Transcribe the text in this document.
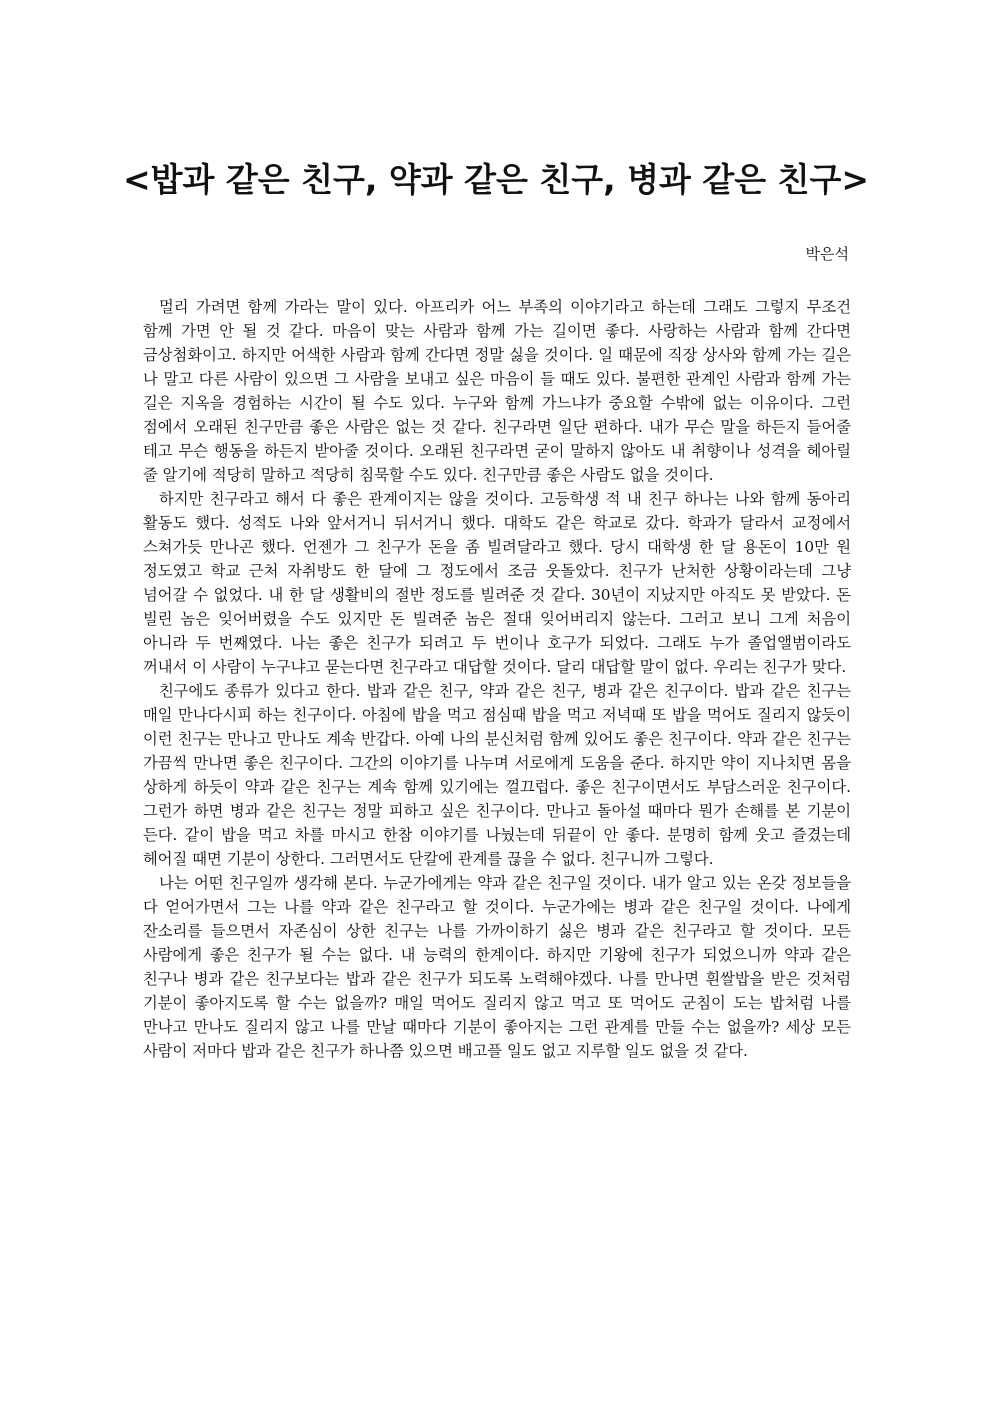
<밥과 같은 친구, 약과 같은 친구, 병과 같은 친구>

박은석

멀리 가려면 함께 가라는 말이 있다. 아프리카 어느 부족의 이야기라고 하는데 그래도 그렇지 무조건 함께 가면 안 될 것 같다. 마음이 맞는 사람과 함께 가는 길이면 좋다. 사랑하는 사람과 함께 간다면 금상첨화이고. 하지만 어색한 사람과 함께 간다면 정말 싫을 것이다. 일 때문에 직장 상사와 함께 가는 길은 나 말고 다른 사람이 있으면 그 사람을 보내고 싶은 마음이 들 때도 있다. 불편한 관계인 사람과 함께 가는 길은 지옥을 경험하는 시간이 될 수도 있다. 누구와 함께 가느냐가 중요할 수밖에 없는 이유이다. 그런 점에서 오래된 친구만큼 좋은 사람은 없는 것 같다. 친구라면 일단 편하다. 내가 무슨 말을 하든지 들어줄 테고 무슨 행동을 하든지 받아줄 것이다. 오래된 친구라면 굳이 말하지 않아도 내 취향이나 성격을 헤아릴 줄 알기에 적당히 말하고 적당히 침묵할 수도 있다. 친구만큼 좋은 사람도 없을 것이다.

하지만 친구라고 해서 다 좋은 관계이지는 않을 것이다. 고등학생 적 내 친구 하나는 나와 함께 동아리 활동도 했다. 성적도 나와 앞서거니 뒤서거니 했다. 대학도 같은 학교로 갔다. 학과가 달라서 교정에서 스쳐가듯 만나곤 했다. 언젠가 그 친구가 돈을 좀 빌려달라고 했다. 당시 대학생 한 달 용돈이 10만 원 정도였고 학교 근처 자취방도 한 달에 그 정도에서 조금 웃돌았다. 친구가 난처한 상황이라는데 그냥 넘어갈 수 없었다. 내 한 달 생활비의 절반 정도를 빌려준 것 같다. 30년이 지났지만 아직도 못 받았다. 돈 빌린 놈은 잊어버렸을 수도 있지만 돈 빌려준 놈은 절대 잊어버리지 않는다. 그러고 보니 그게 처음이 아니라 두 번째였다. 나는 좋은 친구가 되려고 두 번이나 호구가 되었다. 그래도 누가 졸업앨범이라도 꺼내서 이 사람이 누구냐고 묻는다면 친구라고 대답할 것이다. 달리 대답할 말이 없다. 우리는 친구가 맞다.

친구에도 종류가 있다고 한다. 밥과 같은 친구, 약과 같은 친구, 병과 같은 친구이다. 밥과 같은 친구는 매일 만나다시피 하는 친구이다. 아침에 밥을 먹고 점심때 밥을 먹고 저녁때 또 밥을 먹어도 질리지 않듯이 이런 친구는 만나고 만나도 계속 반갑다. 아예 나의 분신처럼 함께 있어도 좋은 친구이다. 약과 같은 친구는 가끔씩 만나면 좋은 친구이다. 그간의 이야기를 나누며 서로에게 도움을 준다. 하지만 약이 지나치면 몸을 상하게 하듯이 약과 같은 친구는 계속 함께 있기에는 껄끄럽다. 좋은 친구이면서도 부담스러운 친구이다. 그런가 하면 병과 같은 친구는 정말 피하고 싶은 친구이다. 만나고 돌아설 때마다 뭔가 손해를 본 기분이 든다. 같이 밥을 먹고 차를 마시고 한참 이야기를 나눴는데 뒤끝이 안 좋다. 분명히 함께 웃고 즐겼는데 헤어질 때면 기분이 상한다. 그러면서도 단칼에 관계를 끊을 수 없다. 친구니까 그렇다.

나는 어떤 친구일까 생각해 본다. 누군가에게는 약과 같은 친구일 것이다. 내가 알고 있는 온갖 정보들을 다 얻어가면서 그는 나를 약과 같은 친구라고 할 것이다. 누군가에는 병과 같은 친구일 것이다. 나에게 잔소리를 들으면서 자존심이 상한 친구는 나를 가까이하기 싫은 병과 같은 친구라고 할 것이다. 모든 사람에게 좋은 친구가 될 수는 없다. 내 능력의 한계이다. 하지만 기왕에 친구가 되었으니까 약과 같은 친구나 병과 같은 친구보다는 밥과 같은 친구가 되도록 노력해야겠다. 나를 만나면 흰쌀밥을 받은 것처럼 기분이 좋아지도록 할 수는 없을까? 매일 먹어도 질리지 않고 먹고 또 먹어도 군침이 도는 밥처럼 나를 만나고 만나도 질리지 않고 나를 만날 때마다 기분이 좋아지는 그런 관계를 만들 수는 없을까? 세상 모든 사람이 저마다 밥과 같은 친구가 하나쯤 있으면 배고플 일도 없고 지루할 일도 없을 것 같다.
